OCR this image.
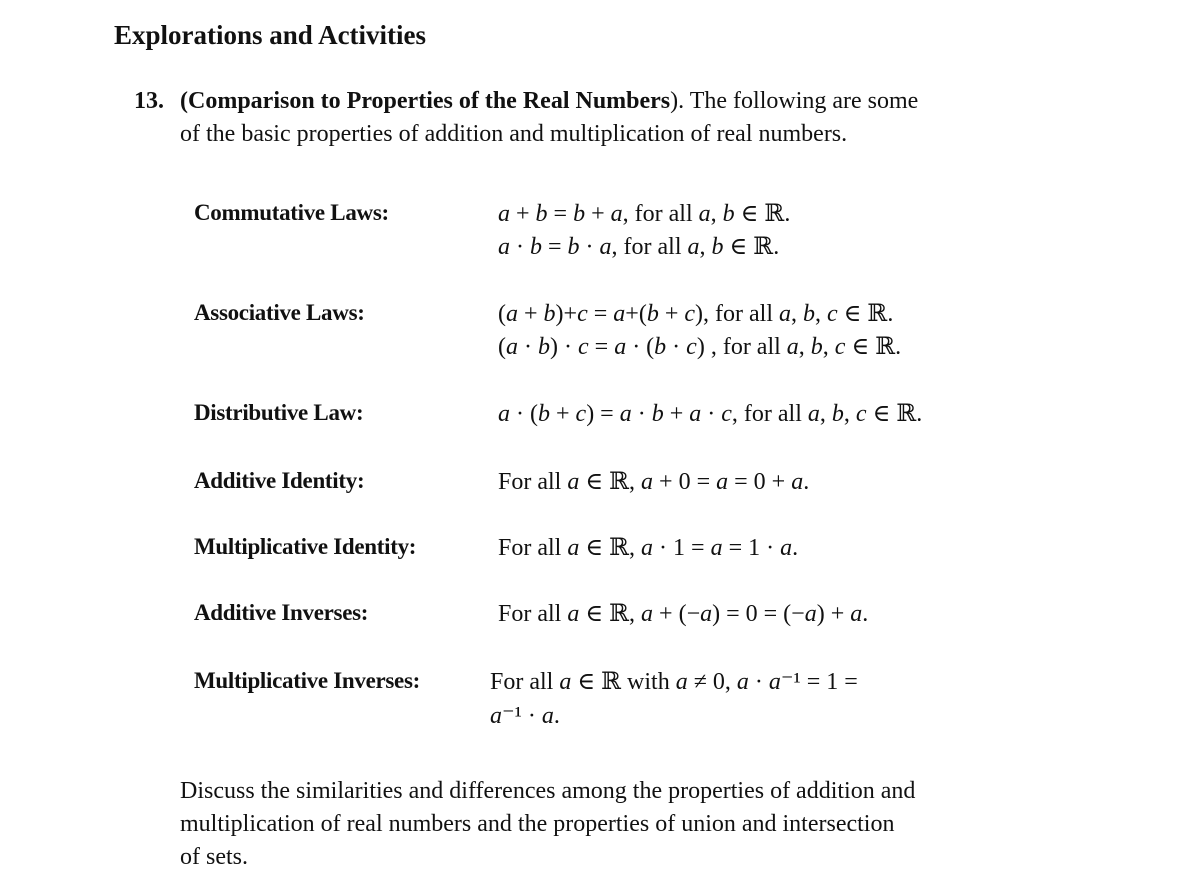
Explorations and Activities
13. (Comparison to Properties of the Real Numbers). The following are some
of the basic properties of addition and multiplication of real numbers.
Commutative Laws:
Associative Laws:
Distributive Law:
Additive Identity:
Multiplicative Identity:
Additive Inverses:
Multiplicative Inverses:
a + b = b + a, for all a, b ∈ ℝ.
a · b = b · a, for all a, b ∈ ℝ.
(a + b)+c = a+(b + c), for all a, b, c ∈ ℝ.
(a · b) · c = a · (b · c) , for all a, b, c ∈ ℝ.
a · (b + c) = a · b + a · c, for all a, b, c ∈ ℝ.
For all a ∈ ℝ, a + 0 = a = 0 + a.
For all a ∈ ℝ, a · 1 = a = 1 · a.
For all a ∈ ℝ, a + (−a) = 0 = (−a) + a.
For all a ∈ ℝ with a ≠ 0, a · a⁻¹ = 1 =
a⁻¹ · a.
Discuss the similarities and differences among the properties of addition and
multiplication of real numbers and the properties of union and intersection
of sets.
